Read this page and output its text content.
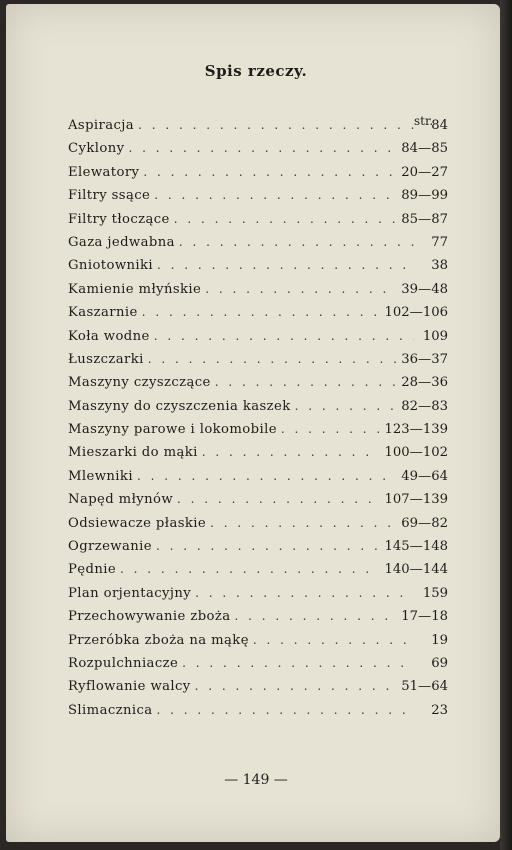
Spis rzeczy.
str.
Aspiracja . . .	84
Cyklony . . .	84—85
Elewatory . . .	20—27
Filtry ssące . . .	89—99
Filtry tłoczące . . .	85—87
Gaza jedwabna . . .	77
Gniotowniki . . .	38
Kamienie młyńskie . . .	39—48
Kaszarnie . . .	102—106
Koła wodne . . .	109
Łuszczarki . . .	36—37
Maszyny czyszczące . . .	28—36
Maszyny do czyszczenia kaszek . . .	82—83
Maszyny parowe i lokomobile . . .	123—139
Mieszarki do mąki . . .	100—102
Mlewniki . . .	49—64
Napęd młynów . . .	107—139
Odsiewacze płaskie . . .	69—82
Ogrzewanie . . .	145—148
Pędnie . . .	140—144
Plan orjentacyjny . . .	159
Przechowywanie zboża . . .	17—18
Przeróbka zboża na mąkę . . .	19
Rozpulchniacze . . .	69
Ryflowanie walcy . . .	51—64
Ślimacznica . . .	23
— 149 —
